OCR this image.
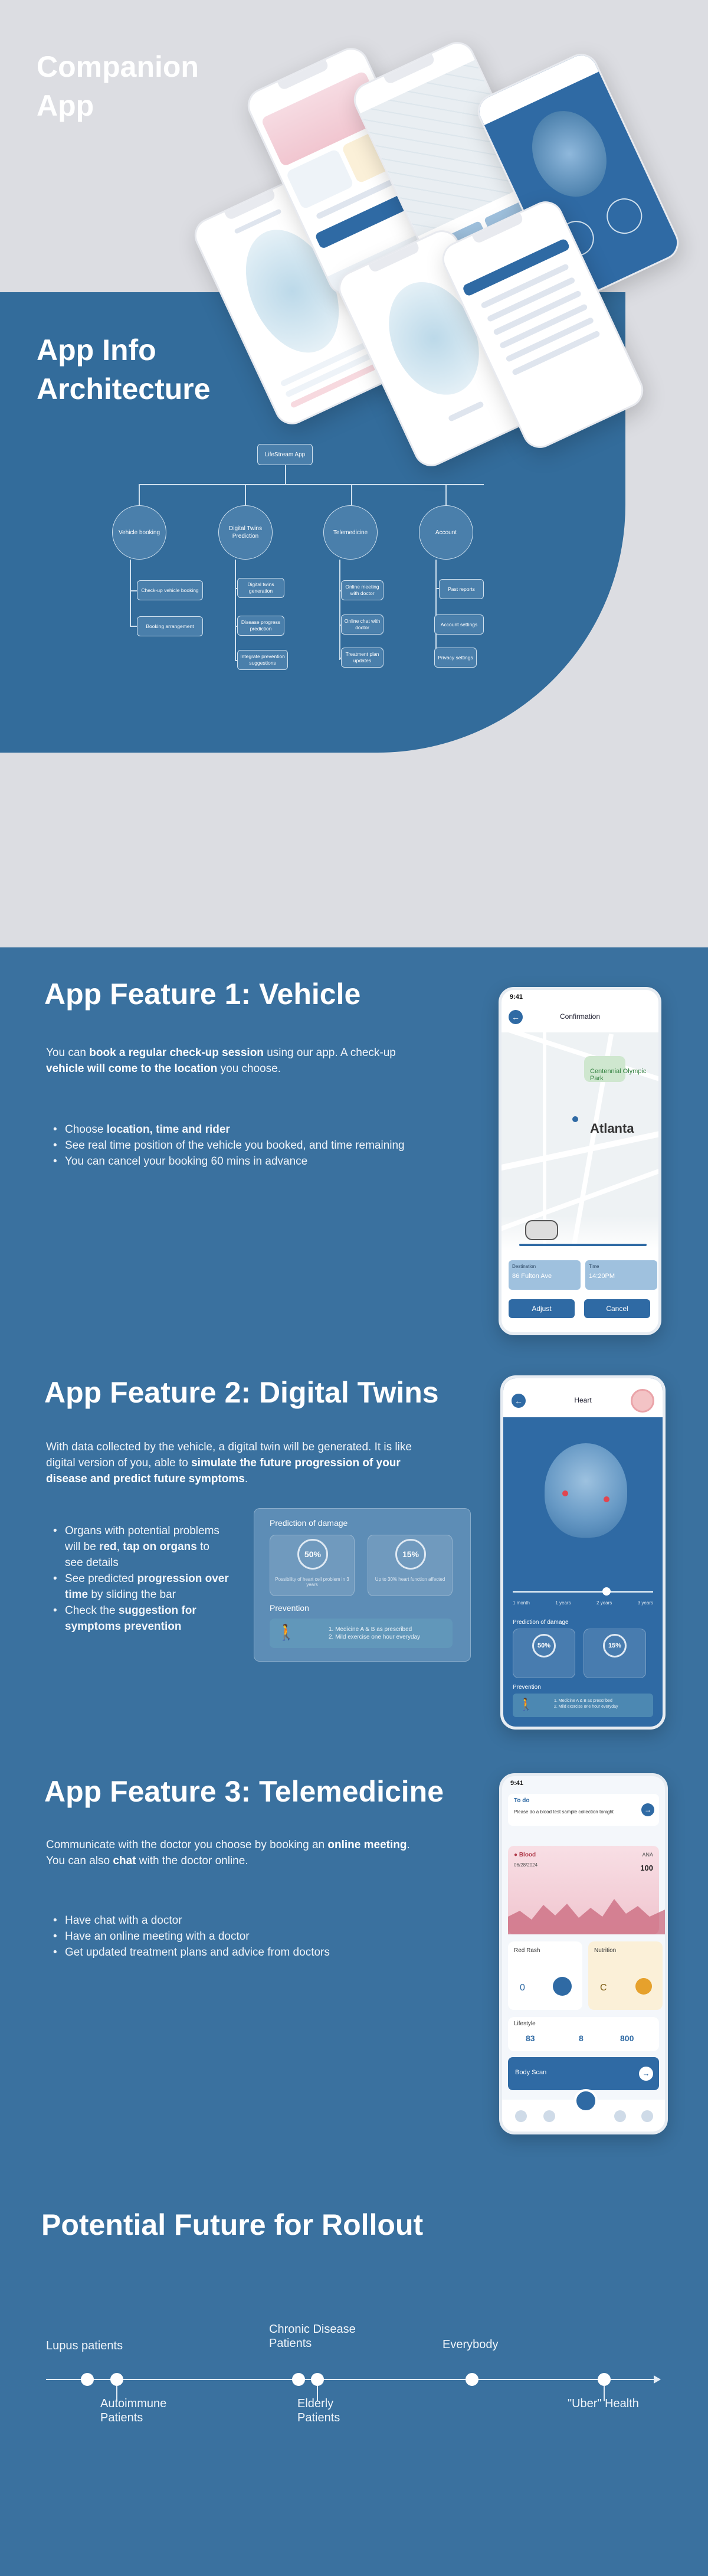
Companion
App
App Info
Architecture
LifeStream App
Vehicle booking
Digital Twins Prediction
Telemedicine	Account
Check-up vehicle booking
Booking arrangement
Digital twins generation
Disease progress prediction
Integrate prevention suggestions
Online meeting with doctor
Online chat with doctor
Treatment plan updates
Past reports
Account settings
Privacy settings
App Feature 1: Vehicle
You can book a regular check-up session using our app. A check-up vehicle will come to the location you choose.
• Choose location, time and rider
• See real time position of the vehicle you booked, and time remaining
• You can cancel your booking 60 mins in advance
9:41
←	Confirmation
Centennial Olympic Park
Atlanta
Destination
86 Fulton Ave
Time
14:20PM
Adjust	Cancel
App Feature 2: Digital Twins
With data collected by the vehicle, a digital twin will be generated. It is like digital version of you, able to simulate the future progression of your disease and predict future symptoms.
• Organs with potential problems will be red, tap on organs to see details
• See predicted progression over time by sliding the bar
• Check the suggestion for symptoms prevention
Prediction of damage
50%
Possibility of heart cell problem in 3 years
15%
Up to 30% heart function affected
Prevention
🚶	1. Medicine A & B as prescribed
2. Mild exercise one hour everyday
←	Heart
1 month	1 years	2 years	3 years
Prediction of damage
50%	15%
Prevention
🚶	1. Medicine A & B as prescribed
2. Mild exercise one hour everyday
App Feature 3: Telemedicine
Communicate with the doctor you choose by booking an online meeting. You can also chat with the doctor online.
• Have chat with a doctor
• Have an online meeting with a doctor
• Get updated treatment plans and advice from doctors
9:41
To do
Please do a blood test sample collection tonight	→
● Blood
06/28/2024
ANA
100
Red Rash
0
Nutrition
C
Lifestyle
83	8	800
Body Scan	→
Potential Future for Rollout
Lupus patients
Autoimmune Patients
Chronic Disease Patients
Elderly Patients
Everybody
"Uber" Health
